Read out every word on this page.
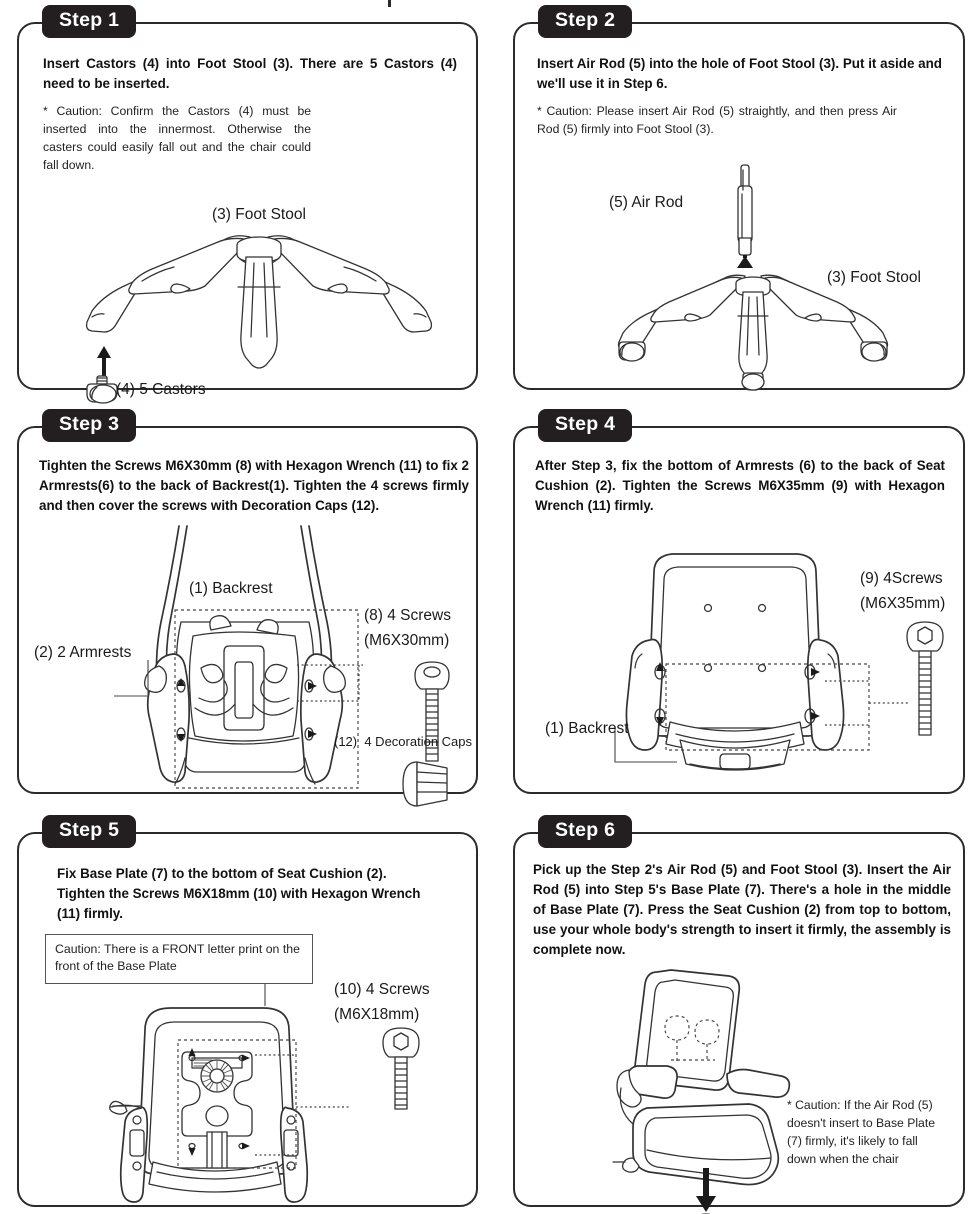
Step 1
Insert Castors (4) into Foot Stool (3). There are 5 Castors (4) need to be inserted.
* Caution: Confirm the Castors (4) must be inserted into the innermost. Otherwise the casters could easily fall out and the chair could fall down.
(3) Foot Stool
(4) 5 Castors
Step 2
Insert Air Rod (5) into the hole of Foot Stool (3). Put it aside and we'll use it in Step 6.
* Caution: Please insert Air Rod (5) straightly, and then press Air Rod (5) firmly into Foot Stool (3).
(5) Air Rod
(3) Foot Stool
Step 3
Tighten the Screws M6X30mm (8) with Hexagon Wrench (11) to fix 2 Armrests(6) to the back of Backrest(1). Tighten the 4 screws firmly and then cover the screws with Decoration Caps (12).
(1) Backrest
(2) 2 Armrests
(8) 4 Screws
(M6X30mm)
(12)  4 Decoration Caps
Step 4
After Step 3, fix the bottom of Armrests (6) to the back of Seat Cushion (2). Tighten the Screws M6X35mm (9) with Hexagon Wrench (11) firmly.
(9) 4Screws
(M6X35mm)
(1) Backrest
Step 5
Fix Base Plate (7) to the bottom of Seat Cushion (2). Tighten the Screws M6X18mm (10) with Hexagon Wrench (11) firmly.
Caution: There is a FRONT letter print on the front of the Base Plate
(10) 4 Screws
(M6X18mm)
Step 6
Pick up the Step 2's Air Rod (5) and Foot Stool (3). Insert the Air Rod (5) into Step 5's Base Plate (7). There's a hole in the middle of Base Plate (7). Press the Seat Cushion (2) from top to bottom, use your whole body's strength to insert it firmly, the assembly is complete now.
* Caution: If the Air Rod (5) doesn't insert to Base Plate (7) firmly, it's likely to fall down when the chair
